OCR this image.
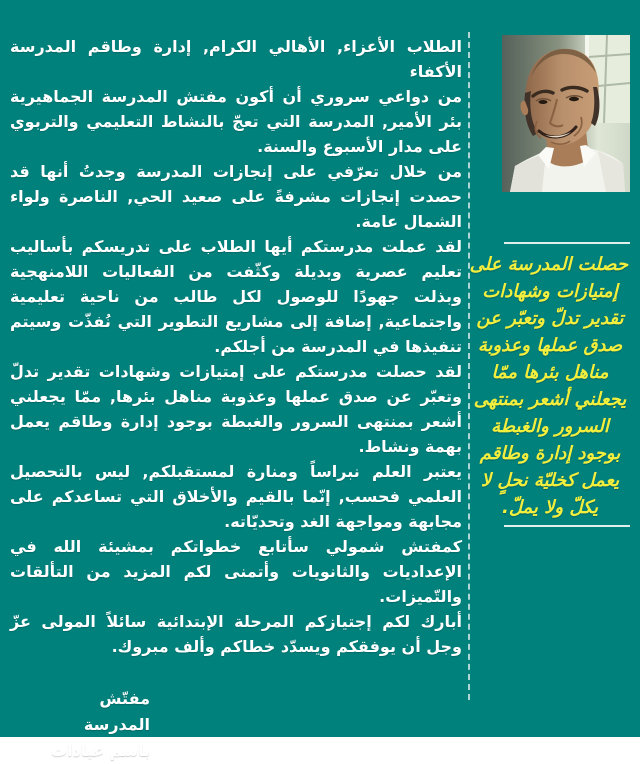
الطلاب الأعزاء, الأهالي الكرام, إدارة وطاقم المدرسة الأكفاء

من دواعي سروري أن أكون مفتش المدرسة الجماهيرية بئر الأمير, المدرسة التي تعجّ بالنشاط التعليمي والتربوي على مدار الأسبوع والسنة.

من خلال تعرّفي على إنجازات المدرسة وجدتُ أنها قد حصدت إنجازات مشرفةً على صعيد الحي, الناصرة ولواء الشمال عامة.

لقد عملت مدرستكم أيها الطلاب على تدريسكم بأساليب تعليم عصرية وبديلة وكثّفت من الفعاليات اللامنهجية وبذلت جهودًا للوصول لكل طالب من ناحية تعليمية واجتماعية, إضافة إلى مشاريع التطوير التي نُفذّت وسيتم تنفيذها في المدرسة من أجلكم.

لقد حصلت مدرستكم على إمتيازات وشهادات تقدير تدلّ وتعبّر عن صدق عملها وعذوبة مناهل بئرها, ممّا يجعلني أشعر بمنتهى السرور والغبطة بوجود إدارة وطاقم يعمل بهمة ونشاط.

يعتبر العلم نبراساً ومنارة لمستقبلكم, ليس بالتحصيل العلمي فحسب, إنّما بالقيم والأخلاق التي تساعدكم على مجابهة ومواجهة الغد وتحديّاته.

كمفتش شمولي سأتابع خطواتكم بمشيئة الله في الإعداديات والثانويات وأتمنى لكم المزيد من التألقات والتّميزات.

أبارك لكم إجتيازكم المرحلة الإبتدائية سائلاً المولى عزّ وجل أن يوفقكم ويسدّد خطاكم وألف مبروك.

مفتّش المدرسة
باسم عيادات
حصلت المدرسة على
إمتيازات وشهادات
تقدير تدلّ وتعبّر عن
صدق عملها وعذوبة
مناهل بئرها ممّا
يجعلني أشعر بمنتهى
السرور والغبطة
بوجود إدارة وطاقم
يعمل كخليّة نحلٍ لا
يكلّ ولا يملّ.
